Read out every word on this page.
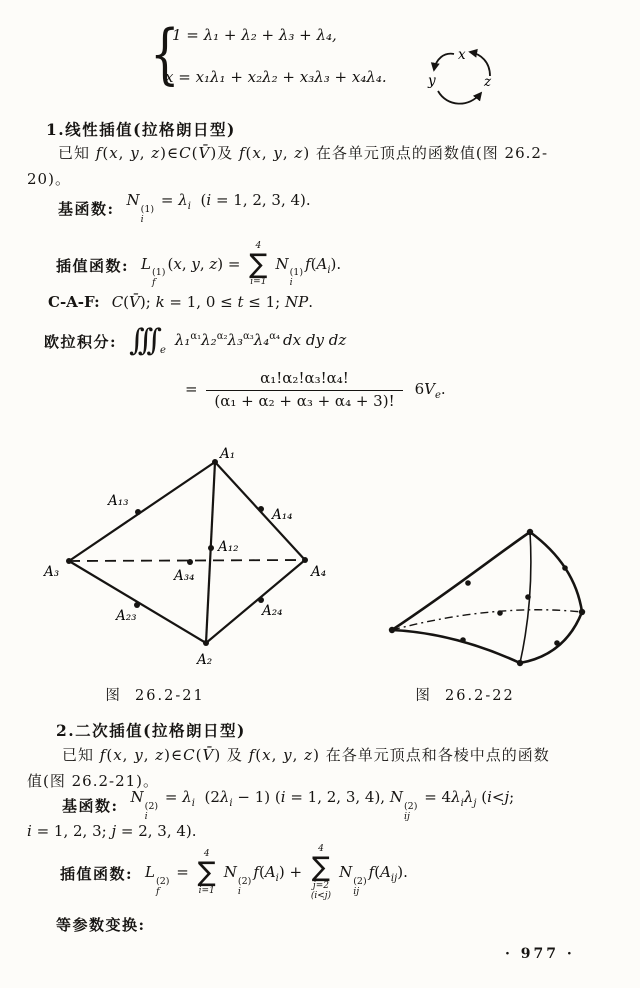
{
1 = λ₁ + λ₂ + λ₃ + λ₄,
x = x₁λ₁ + x₂λ₂ + x₃λ₃ + x₄λ₄.
x
y	z
1.线性插值(拉格朗日型)
已知 f(x, y, z)∈C(V̄)及 f(x, y, z) 在各单元顶点的函数值(图 26.2-
20)。
基函数: N
(1)
i
= $\lambda_i$  (i = 1, 2, 3, 4).
插值函数: L
(1)
f
(x, y, z) =
4
∑
i=1
N
(1)
i
$f(A_i)$.
C-A-F: C(V̄); k = 1, 0 ≤ t ≤ 1; NP.
欧拉积分: ∫∫∫ e
λ₁$^{\alpha_1}$λ₂$^{\alpha_2}$λ₃$^{\alpha_3}$λ₄$^{\alpha_4}$ dx dy dz
= $\frac{\text{α₁!α₂!α₃!α₄!}}{\text{(α₁ + α₂ + α₃ + α₄ + 3)!}} 6V_e$.
A₁
A₃	A₄
A₂
A₁₃
A₁₄
A₁₂
A₃₄
A₂₃	A₂₄
图  26.2-21	图  26.2-22
2.二次插值(拉格朗日型)
已知 f(x, y, z)∈C(V̄) 及 f(x, y, z) 在各单元顶点和各棱中点的函数
值(图 26.2-21)。
基函数: N
(2)
i
= $\lambda_i$  $(2\lambda_i - 1) (i = 1$, 2, 3, 4), N
(2)
ij
= $4\lambda_i\lambda_j$ (i<j;
i = 1, 2, 3; j = 2, 3, 4).
插值函数: L
(2)
f
=
4
∑
i=1
N
(2)
i
$f(A_i)$ +
4
∑
j=2
(i<j)
N
(2)
ij
$f(A_{ij})$.
等参数变换:
· 977 ·
